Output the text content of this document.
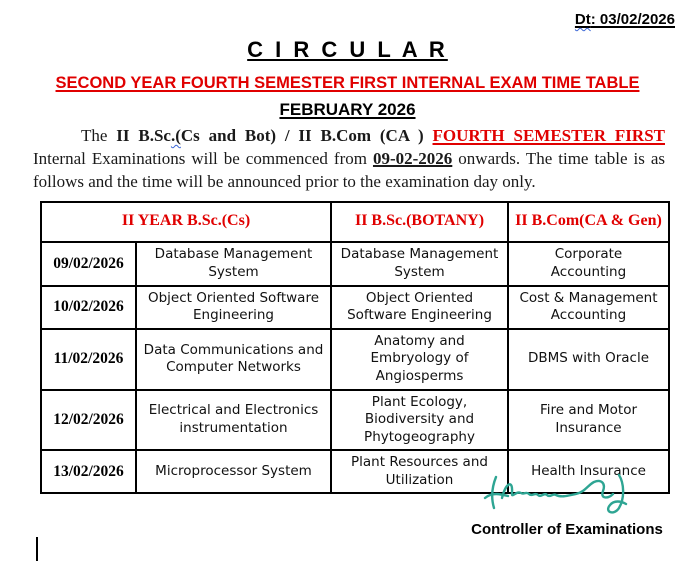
Dt: 03/02/2026
C I R C U L A R
SECOND YEAR FOURTH SEMESTER FIRST INTERNAL EXAM TIME TABLE
FEBRUARY 2026

The II B.Sc.(Cs and Bot) / II B.Com (CA ) FOURTH SEMESTER FIRST Internal Examinations will be commenced from 09-02-2026 onwards. The time table is as follows and the time will be announced prior to the examination day only.

II YEAR B.Sc.(Cs)		II B.Sc.(BOTANY)	II B.Com(CA & Gen)
09/02/2026	Database Management System	Database Management System	Corporate Accounting
10/02/2026	Object Oriented Software Engineering	Object Oriented Software Engineering	Cost & Management Accounting
11/02/2026	Data Communications and Computer Networks	Anatomy and Embryology of Angiosperms	DBMS with Oracle
12/02/2026	Electrical and Electronics instrumentation	Plant Ecology, Biodiversity and Phytogeography	Fire and Motor Insurance
13/02/2026	Microprocessor System	Plant Resources and Utilization	Health Insurance
Controller of Examinations
